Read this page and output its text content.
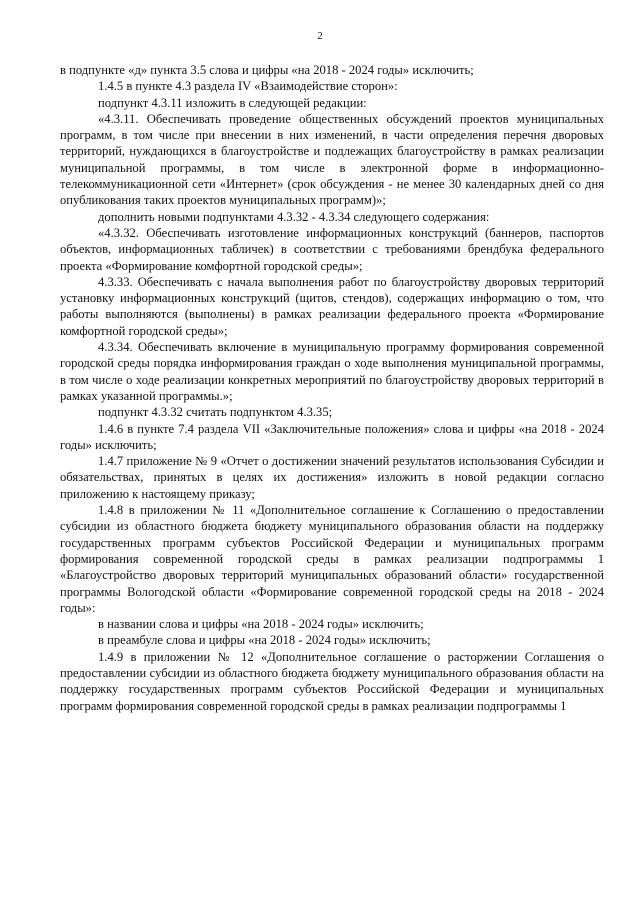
2

в подпункте «д» пункта 3.5 слова и цифры «на 2018 - 2024 годы» исключить;

1.4.5 в пункте 4.3 раздела IV «Взаимодействие сторон»:

подпункт 4.3.11 изложить в следующей редакции:

«4.3.11. Обеспечивать проведение общественных обсуждений проектов муниципальных программ, в том числе при внесении в них изменений, в части определения перечня дворовых территорий, нуждающихся в благоустройстве и подлежащих благоустройству в рамках реализации муниципальной программы, в том числе в электронной форме в информационно-телекоммуникационной сети «Интернет» (срок обсуждения - не менее 30 календарных дней со дня опубликования таких проектов муниципальных программ)»;

дополнить новыми подпунктами 4.3.32 - 4.3.34 следующего содержания:

«4.3.32. Обеспечивать изготовление информационных конструкций (баннеров, паспортов объектов, информационных табличек) в соответствии с требованиями брендбука федерального проекта «Формирование комфортной городской среды»;

4.3.33. Обеспечивать с начала выполнения работ по благоустройству дворовых территорий установку информационных конструкций (щитов, стендов), содержащих информацию о том, что работы выполняются (выполнены) в рамках реализации федерального проекта «Формирование комфортной городской среды»;

4.3.34. Обеспечивать включение в муниципальную программу формирования современной городской среды порядка информирования граждан о ходе выполнения муниципальной программы, в том числе о ходе реализации конкретных мероприятий по благоустройству дворовых территорий в рамках указанной программы.»;

подпункт 4.3.32 считать подпунктом 4.3.35;

1.4.6 в пункте 7.4 раздела VII «Заключительные положения» слова и цифры «на 2018 - 2024 годы» исключить;

1.4.7 приложение № 9 «Отчет о достижении значений результатов использования Субсидии и обязательствах, принятых в целях их достижения» изложить в новой редакции согласно приложению к настоящему приказу;

1.4.8 в приложении № 11 «Дополнительное соглашение к Соглашению о предоставлении субсидии из областного бюджета бюджету муниципального образования области на поддержку государственных программ субъектов Российской Федерации и муниципальных программ формирования современной городской среды в рамках реализации подпрограммы 1 «Благоустройство дворовых территорий муниципальных образований области» государственной программы Вологодской области «Формирование современной городской среды на 2018 - 2024 годы»:

в названии слова и цифры «на 2018 - 2024 годы» исключить;

в преамбуле слова и цифры «на 2018 - 2024 годы» исключить;

1.4.9 в приложении № 12 «Дополнительное соглашение о расторжении Соглашения о предоставлении субсидии из областного бюджета бюджету муниципального образования области на поддержку государственных программ субъектов Российской Федерации и муниципальных программ формирования современной городской среды в рамках реализации подпрограммы 1
